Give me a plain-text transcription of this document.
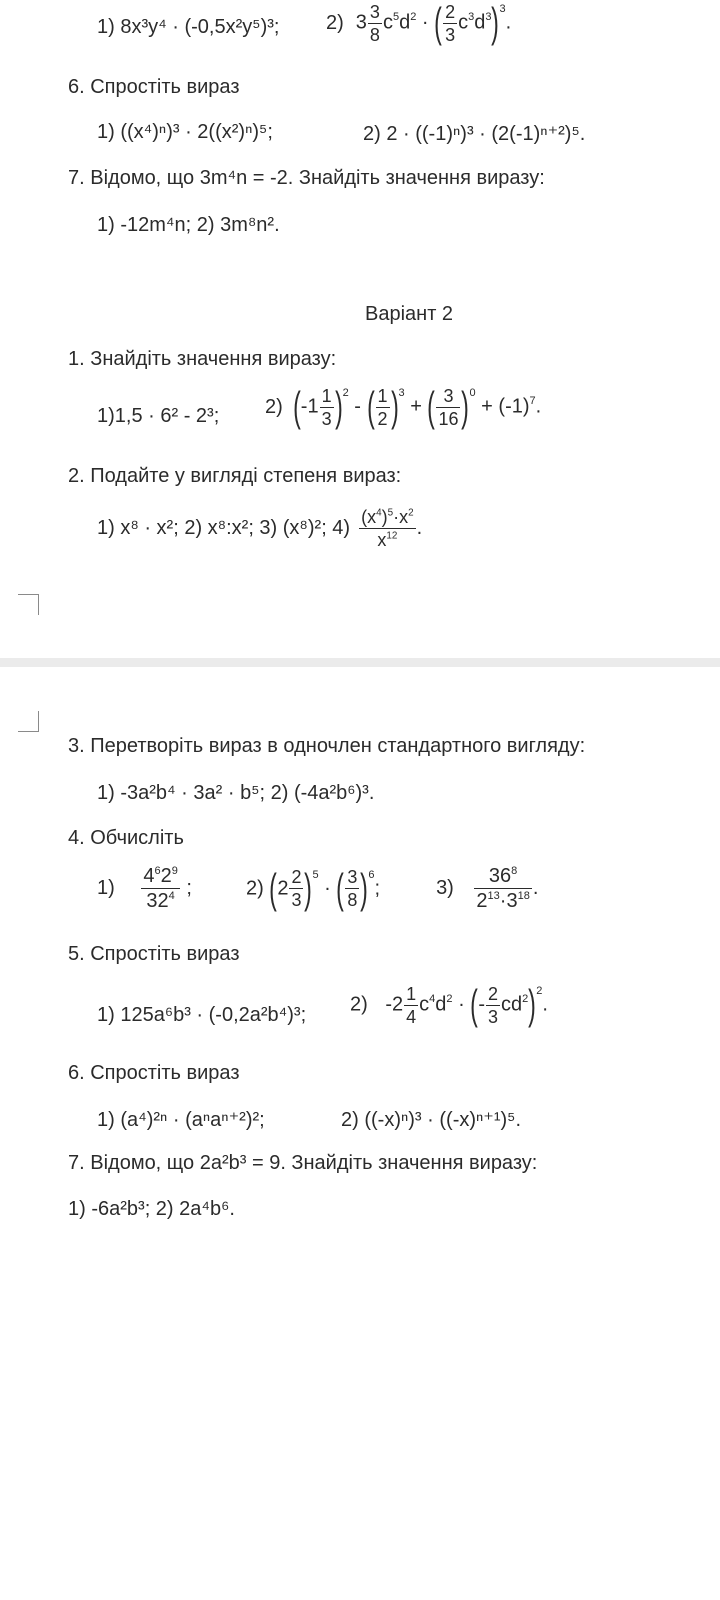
1) 8x³y⁴ · (-0,5x²y⁵)³; 2) $3 \frac{3}{8} c^5d^2$ · ( $\frac{2}{3} c^3d^3)^3$.
6. Спростіть вираз
1) ((x⁴)ⁿ)³ · 2((x²)ⁿ)⁵;	2) 2 · ((-1)ⁿ)³ · (2(-1)ⁿ⁺²)⁵.
7. Відомо, що 3m⁴n = -2. Знайдіть значення виразу:
1) -12m⁴n; 2) 3m⁸n².
Варіант 2
1. Знайдіть значення виразу:
1)1,5 · 6² - 2³; 2) $(-1 \frac{1}{3} )^2$ - ( $\frac{1}{2} )^3$ + ( $\frac{3}{16} )^0 + (-1)^7$.
2. Подайте у вигляді степеня вираз:
1) x⁸ · x²; 2) x⁸:x²; 3) (x⁸)²; $4) \frac{(x^4)^5\cdot x^2}{x^{12}}$ .
3. Перетворіть вираз в одночлен стандартного вигляду:
1) -3a²b⁴ · 3a² · b⁵; 2) (-4a²b⁶)³.
4. Обчисліть
$1) \frac{4^62^9}{32^4}$ ;	2) $(2 \frac{2}{3} )^5$ · ( $\frac{3}{8} )^6$;	$3) \frac{36^8}{2^{13}\cdot 3^{18}}$ .
5. Спростіть вираз
1) 125a⁶b³ · (-0,2a²b⁴)³; 2) $-2 \frac{1}{4} c^4d^2$ · (- $\frac{2}{3} cd^2)^2$.
6. Спростіть вираз
1) (a⁴)²ⁿ · (aⁿaⁿ⁺²)²;	2) ((-x)ⁿ)³ · ((-x)ⁿ⁺¹)⁵.
7. Відомо, що 2a²b³ = 9. Знайдіть значення виразу:
1) -6a²b³; 2) 2a⁴b⁶.
